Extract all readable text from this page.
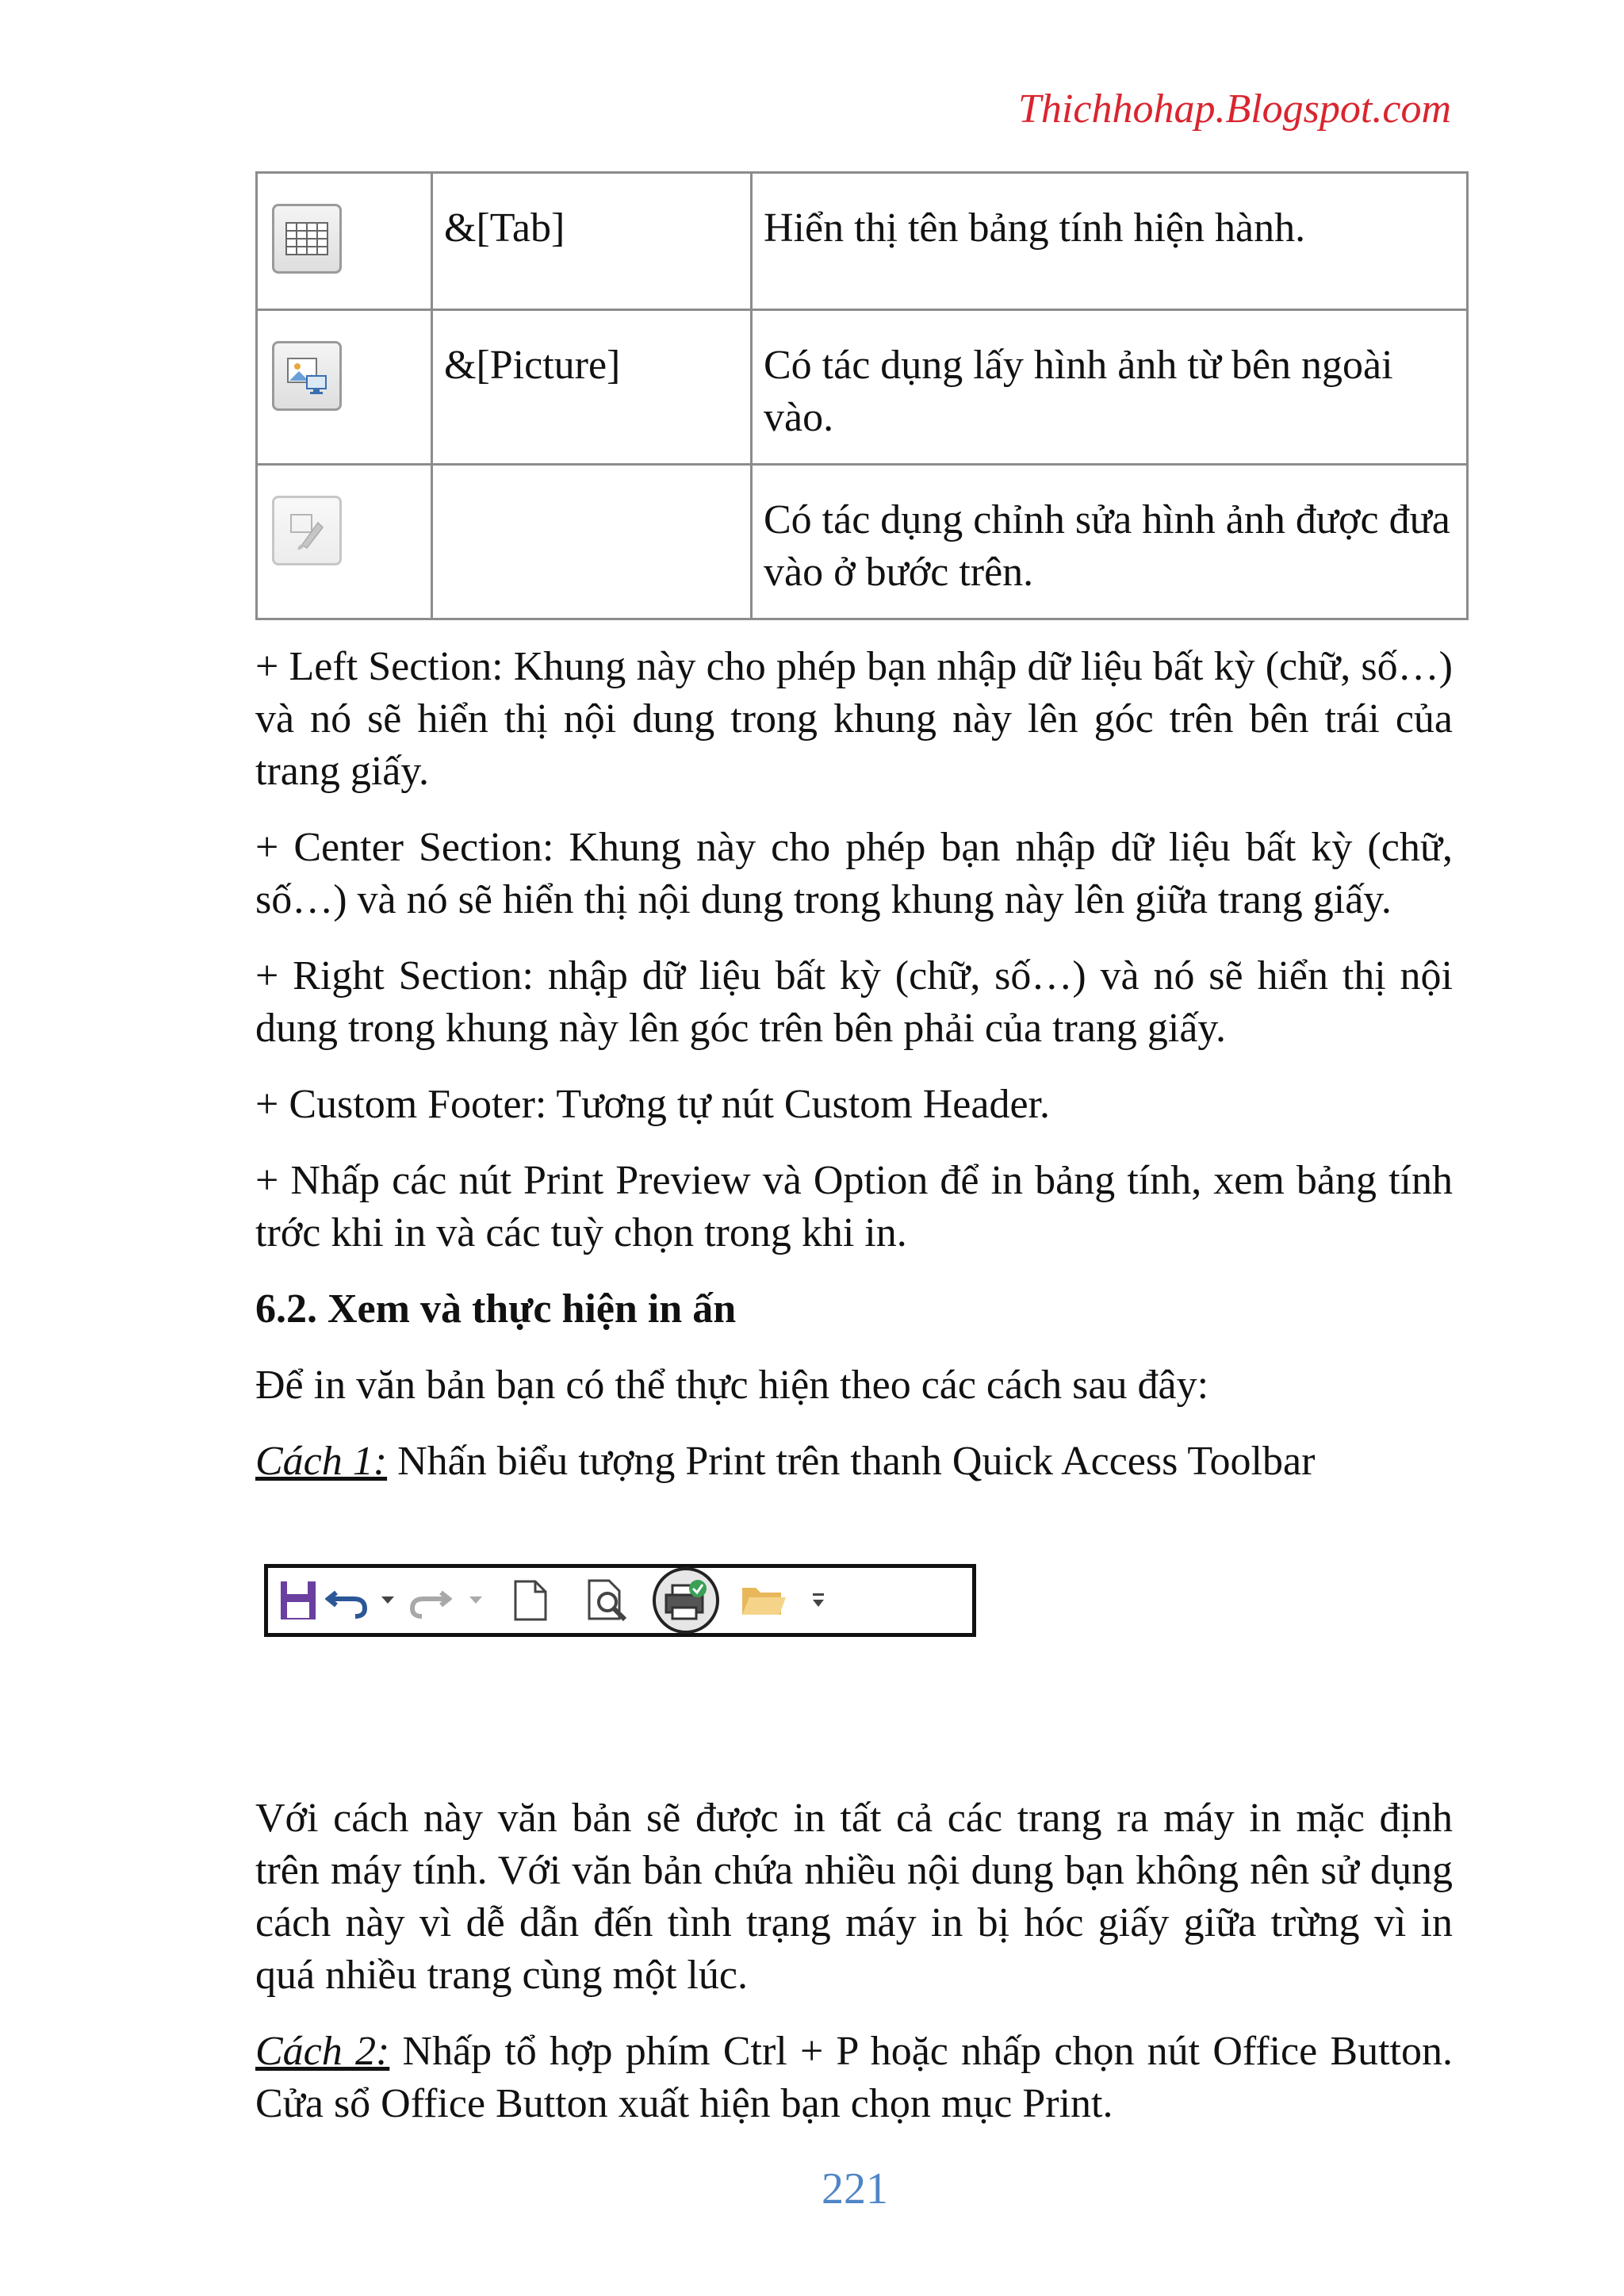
Thichhohap.Blogspot.com
	&[Tab]	Hiển thị tên bảng tính hiện hành.

	&[Picture]	Có tác dụng lấy hình ảnh từ bên ngoài vào.

		Có tác dụng chỉnh sửa hình ảnh được đưa vào ở bước trên.

+ Left Section: Khung này cho phép bạn nhập dữ liệu bất kỳ (chữ, số…) và nó sẽ hiển thị nội dung trong khung này lên góc trên bên trái của trang giấy.

+ Center Section: Khung này cho phép bạn nhập dữ liệu bất kỳ (chữ, số…) và nó sẽ hiển thị nội dung trong khung này lên giữa trang giấy.

+ Right Section: nhập dữ liệu bất kỳ (chữ, số…) và nó sẽ hiển thị nội dung trong khung này lên góc trên bên phải của trang giấy.

+ Custom Footer: Tương tự nút Custom Header.

+ Nhấp các nút Print Preview và Option để in bảng tính, xem bảng tính trớc khi in và các tuỳ chọn trong khi in.

6.2. Xem và thực hiện in ấn

Để in văn bản bạn có thể thực hiện theo các cách sau đây:

Cách 1: Nhấn biểu tượng Print trên thanh Quick Access Toolbar

Với cách này văn bản sẽ được in tất cả các trang ra máy in mặc định trên máy tính. Với văn bản chứa nhiều nội dung bạn không nên sử dụng cách này vì dễ dẫn đến tình trạng máy in bị hóc giấy giữa trừng vì in quá nhiều trang cùng một lúc.

Cách 2: Nhấp tổ hợp phím Ctrl + P hoặc nhấp chọn nút Office Button. Cửa sổ Office Button xuất hiện bạn chọn mục Print.

221
